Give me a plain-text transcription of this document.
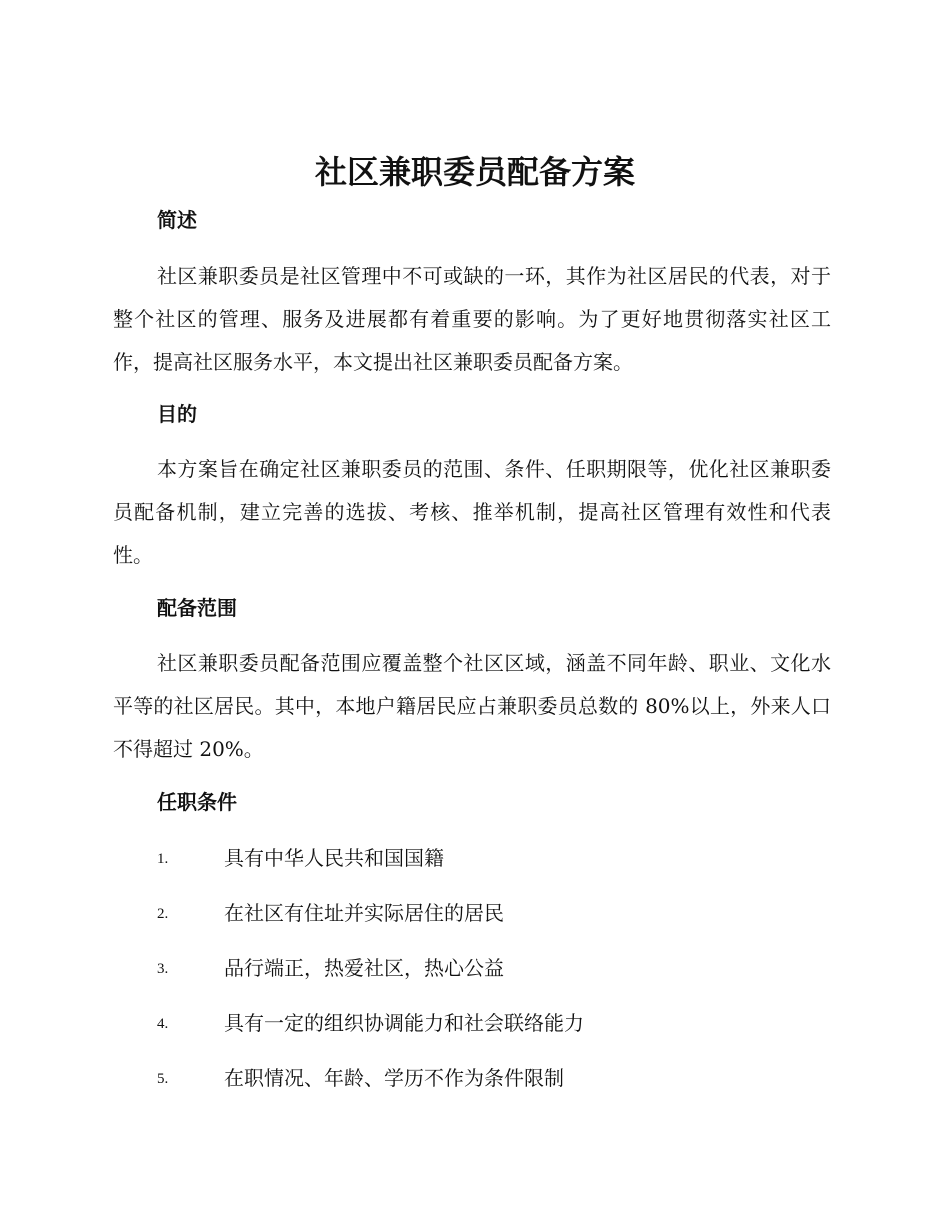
社区兼职委员配备方案
简述

社区兼职委员是社区管理中不可或缺的一环，其作为社区居民的代表，对于整个社区的管理、服务及进展都有着重要的影响。为了更好地贯彻落实社区工作，提高社区服务水平，本文提出社区兼职委员配备方案。

目的

本方案旨在确定社区兼职委员的范围、条件、任职期限等，优化社区兼职委员配备机制，建立完善的选拔、考核、推举机制，提高社区管理有效性和代表性。

配备范围

社区兼职委员配备范围应覆盖整个社区区域，涵盖不同年龄、职业、文化水平等的社区居民。其中，本地户籍居民应占兼职委员总数的 80%以上，外来人口不得超过 20%。

任职条件
1.	具有中华人民共和国国籍
2.	在社区有住址并实际居住的居民
3.	品行端正，热爱社区，热心公益
4.	具有一定的组织协调能力和社会联络能力
5.	在职情况、年龄、学历不作为条件限制
